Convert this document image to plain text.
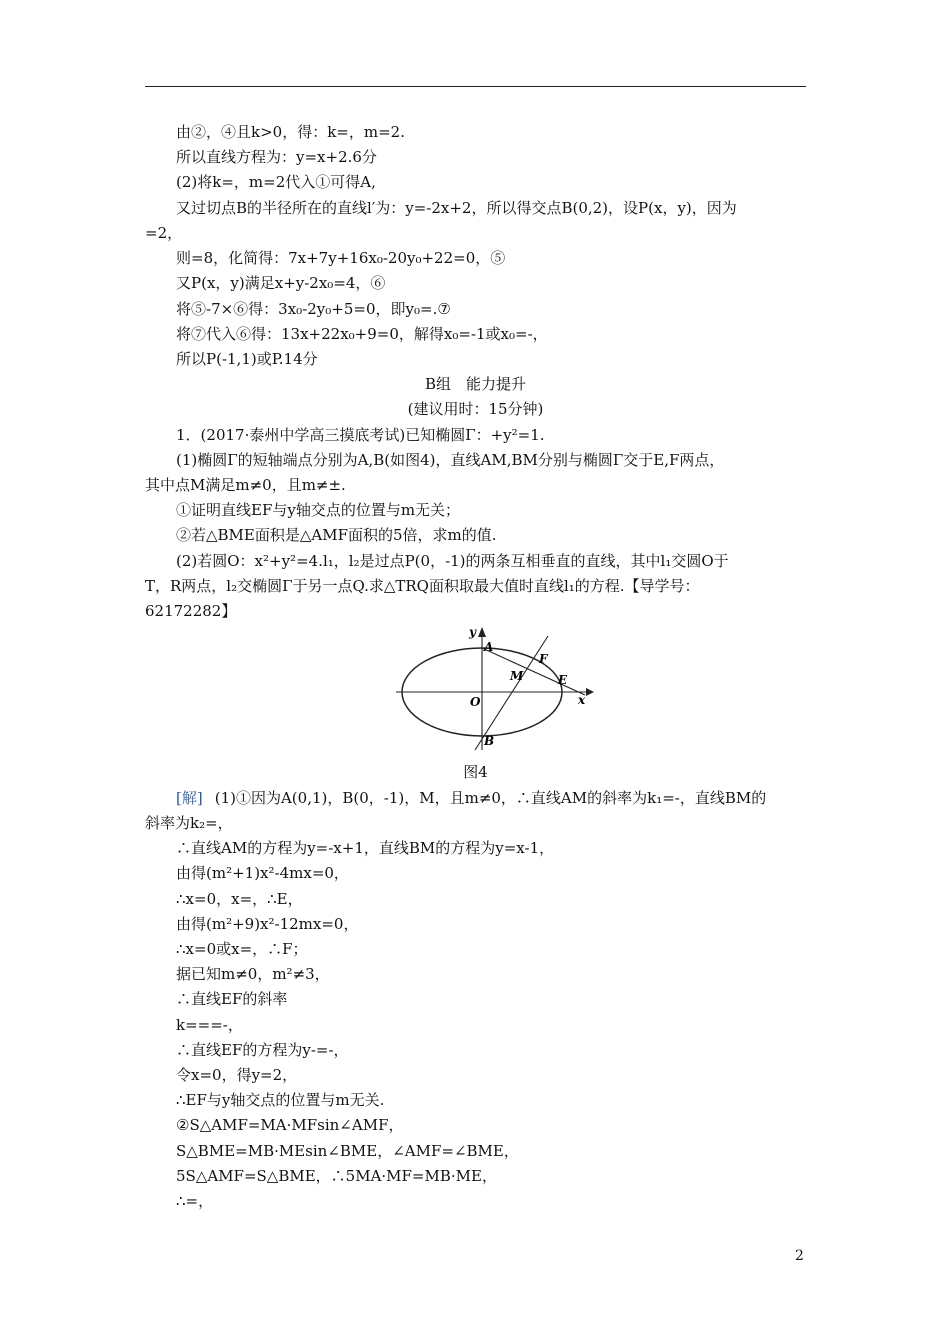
由②，④且k>0，得：k=，m=2.
所以直线方程为：y=x+2.6分
(2)将k=，m=2代入①可得A,
又过切点B的半径所在的直线l′为：y=-2x+2，所以得交点B(0,2)，设P(x，y)，因为
=2，
则=8，化简得：7x+7y+16x₀-20y₀+22=0，⑤
又P(x，y)满足x+y-2x₀=4，⑥
将⑤-7×⑥得：3x₀-2y₀+5=0，即y₀=.⑦
将⑦代入⑥得：13x+22x₀+9=0，解得x₀=-1或x₀=-，
所以P(-1,1)或P.14分
B组　能力提升
(建议用时：15分钟)
1．(2017·泰州中学高三摸底考试)已知椭圆Γ：+y²=1.
(1)椭圆Γ的短轴端点分别为A,B(如图4)，直线AM,BM分别与椭圆Γ交于E,F两点，
其中点M满足m≠0，且m≠±.
①证明直线EF与y轴交点的位置与m无关；
②若△BME面积是△AMF面积的5倍，求m的值.
(2)若圆O：x²+y²=4.l₁，l₂是过点P(0，-1)的两条互相垂直的直线，其中l₁交圆O于
T，R两点，l₂交椭圆Γ于另一点Q.求△TRQ面积取最大值时直线l₁的方程.【导学号：
62172282】
y
x
O
A
B
M
F
E
图4
[解] (1)①因为A(0,1)，B(0，-1)，M，且m≠0，∴直线AM的斜率为k₁=-，直线BM的
斜率为k₂=，
∴直线AM的方程为y=-x+1，直线BM的方程为y=x-1，
由得(m²+1)x²-4mx=0，
∴x=0，x=，∴E，
由得(m²+9)x²-12mx=0，
∴x=0或x=，∴F；
据已知m≠0，m²≠3，
∴直线EF的斜率
k===-，
∴直线EF的方程为y-=-，
令x=0，得y=2，
∴EF与y轴交点的位置与m无关.
②S△AMF=MA·MFsin∠AMF，
S△BME=MB·MEsin∠BME，∠AMF=∠BME，
5S△AMF=S△BME，∴5MA·MF=MB·ME，
∴=，
2
